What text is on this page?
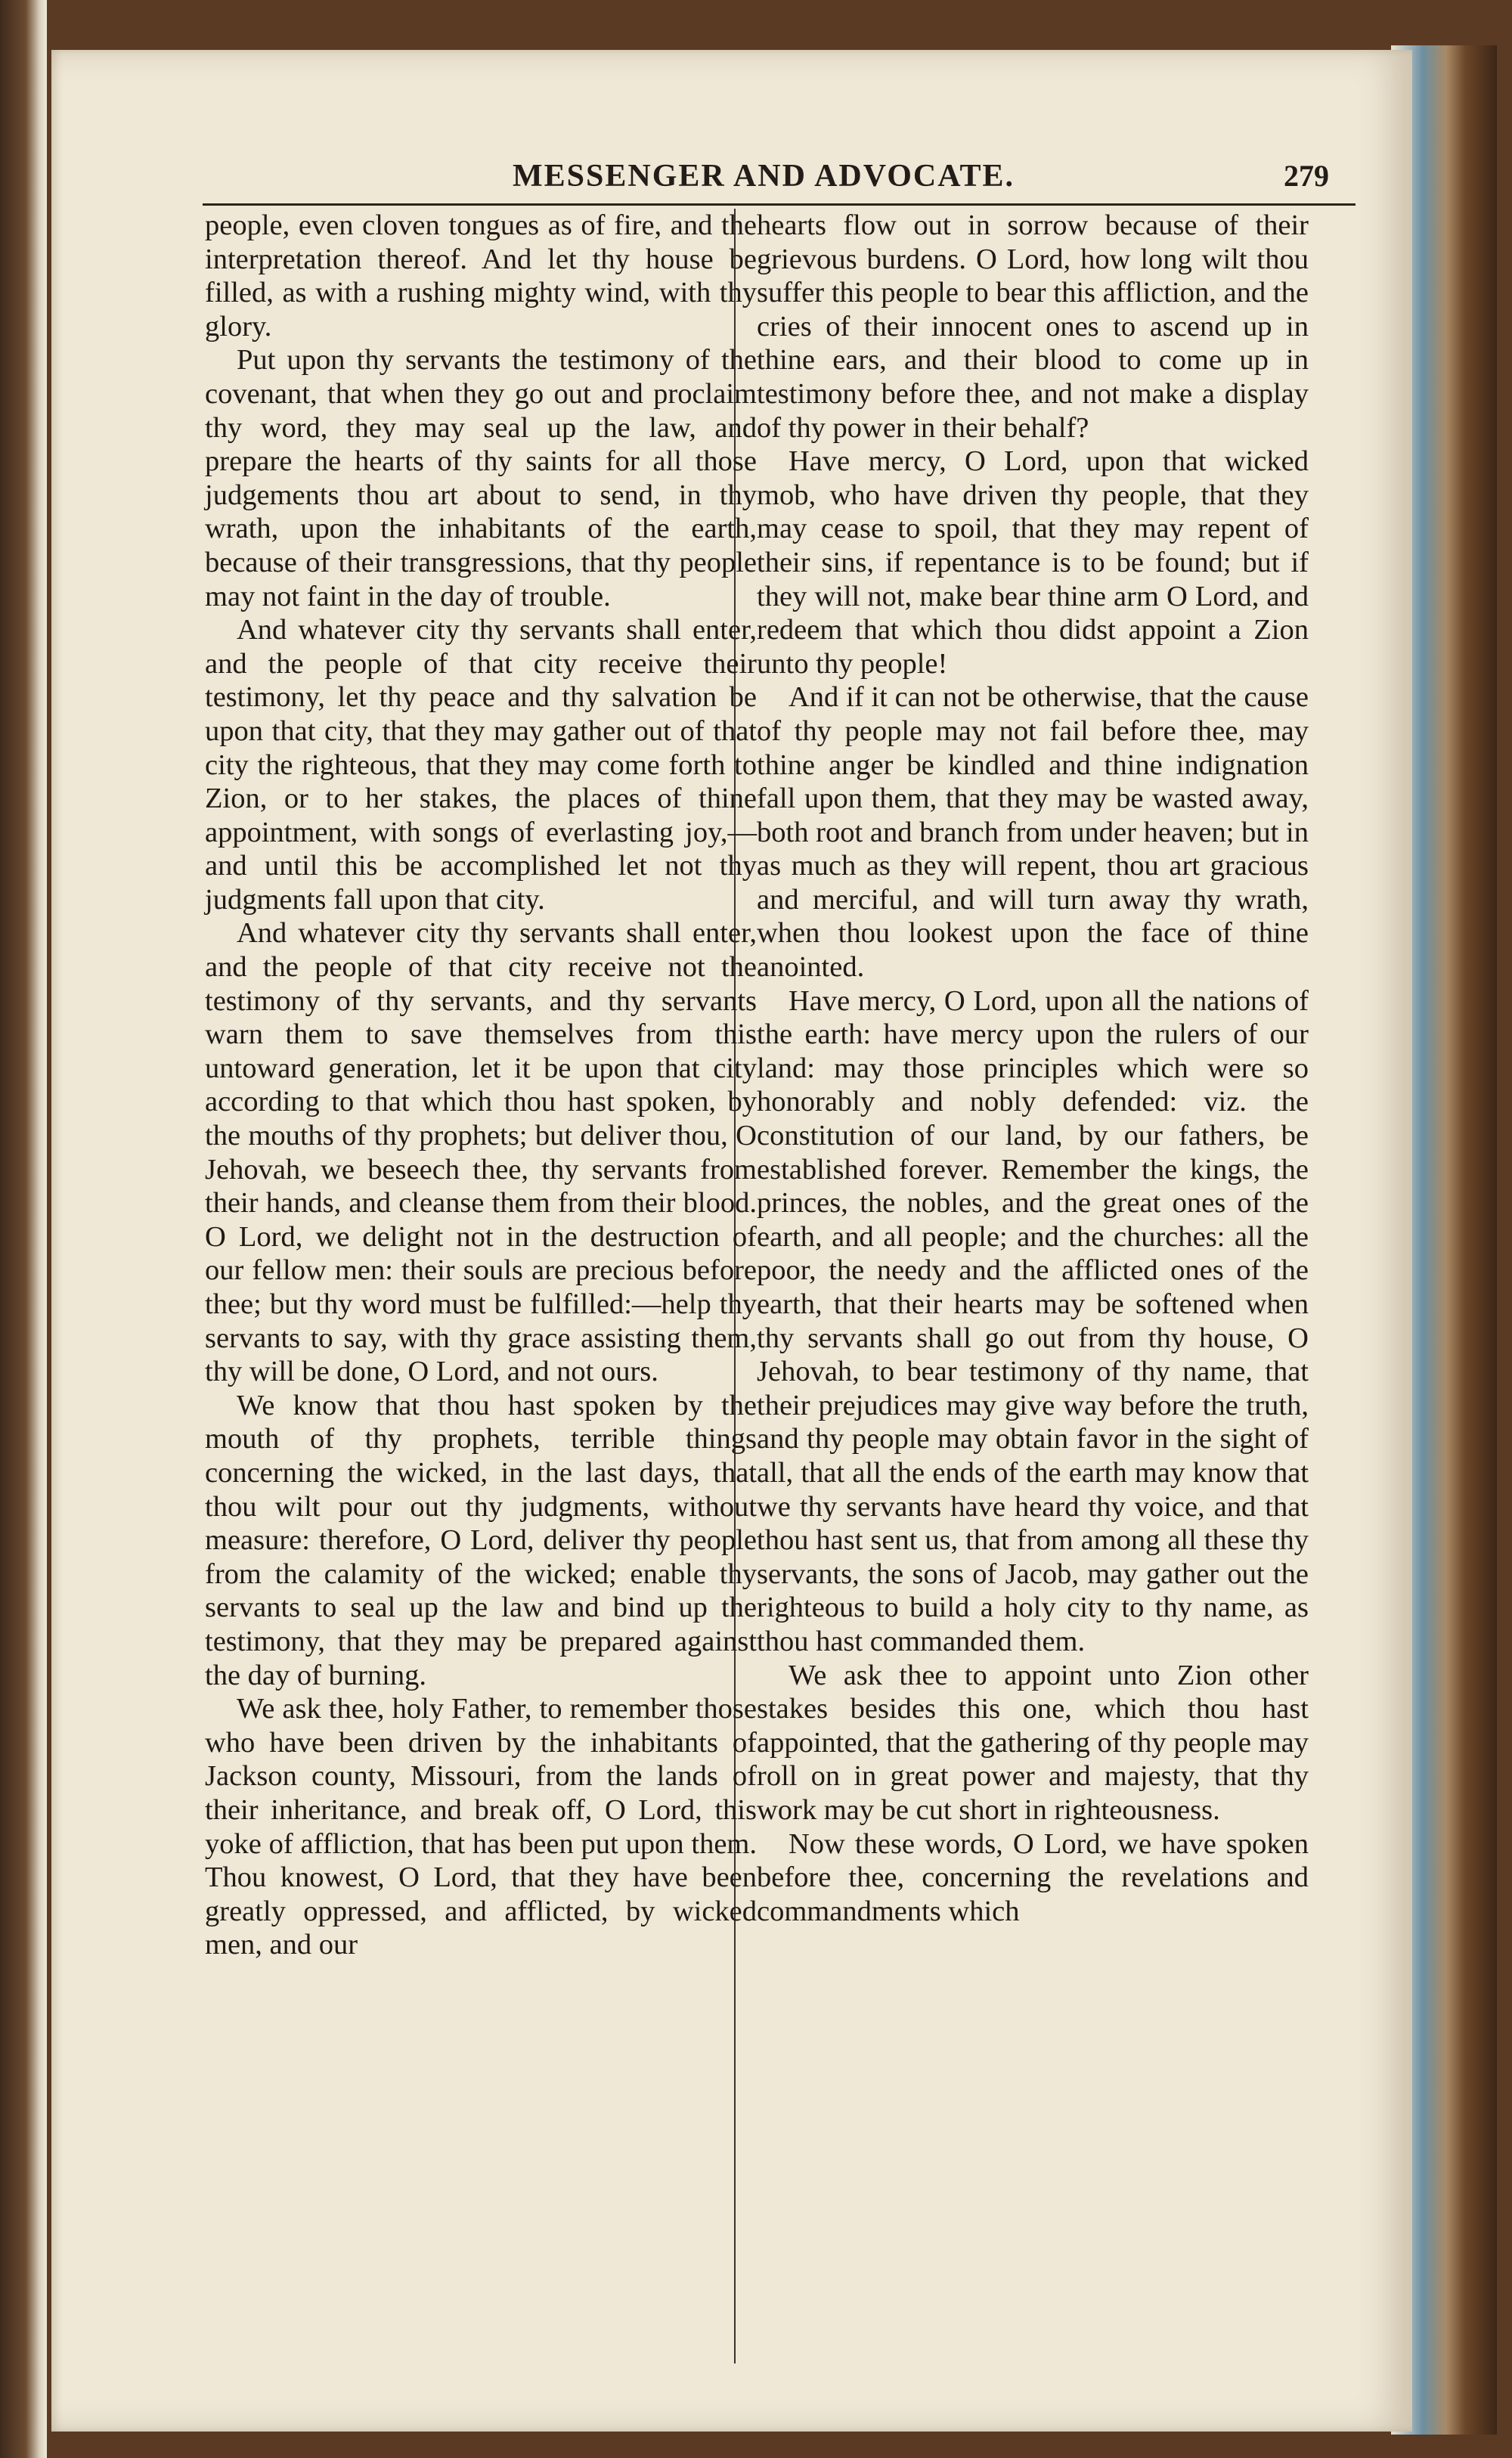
MESSENGER AND ADVOCATE.	279

people, even cloven tongues as of fire, and the interpretation thereof. And let thy house be filled, as with a rushing mighty wind, with thy glory.

Put upon thy servants the testimony of the covenant, that when they go out and proclaim thy word, they may seal up the law, and prepare the hearts of thy saints for all those judgements thou art about to send, in thy wrath, upon the inhabitants of the earth, because of their transgressions, that thy people may not faint in the day of trouble.

And whatever city thy servants shall enter, and the people of that city receive their testimony, let thy peace and thy salvation be upon that city, that they may gather out of that city the righteous, that they may come forth to Zion, or to her stakes, the places of thine appointment, with songs of everlasting joy,—and until this be accomplished let not thy judgments fall upon that city.

And whatever city thy servants shall enter, and the people of that city receive not the testimony of thy servants, and thy servants warn them to save themselves from this untoward generation, let it be upon that city according to that which thou hast spoken, by the mouths of thy prophets; but deliver thou, O Jehovah, we beseech thee, thy servants from their hands, and cleanse them from their blood. O Lord, we delight not in the destruction of our fellow men: their souls are precious before thee; but thy word must be fulfilled:—help thy servants to say, with thy grace assisting them, thy will be done, O Lord, and not ours.

We know that thou hast spoken by the mouth of thy prophets, terrible things concerning the wicked, in the last days, that thou wilt pour out thy judgments, without measure: therefore, O Lord, deliver thy people from the calamity of the wicked; enable thy servants to seal up the law and bind up the testimony, that they may be prepared against the day of burning.

We ask thee, holy Father, to remember those who have been driven by the inhabitants of Jackson county, Missouri, from the lands of their inheritance, and break off, O Lord, this yoke of affliction, that has been put upon them. Thou knowest, O Lord, that they have been greatly oppressed, and afflicted, by wicked men, and our

hearts flow out in sorrow because of their grievous burdens. O Lord, how long wilt thou suffer this people to bear this affliction, and the cries of their innocent ones to ascend up in thine ears, and their blood to come up in testimony before thee, and not make a display of thy power in their behalf?

Have mercy, O Lord, upon that wicked mob, who have driven thy people, that they may cease to spoil, that they may repent of their sins, if repentance is to be found; but if they will not, make bear thine arm O Lord, and redeem that which thou didst appoint a Zion unto thy people!

And if it can not be otherwise, that the cause of thy people may not fail before thee, may thine anger be kindled and thine indignation fall upon them, that they may be wasted away, both root and branch from under heaven; but in as much as they will repent, thou art gracious and merciful, and will turn away thy wrath, when thou lookest upon the face of thine anointed.

Have mercy, O Lord, upon all the nations of the earth: have mercy upon the rulers of our land: may those principles which were so honorably and nobly defended: viz. the constitution of our land, by our fathers, be established forever. Remember the kings, the princes, the nobles, and the great ones of the earth, and all people; and the churches: all the poor, the needy and the afflicted ones of the earth, that their hearts may be softened when thy servants shall go out from thy house, O Jehovah, to bear testimony of thy name, that their prejudices may give way before the truth, and thy people may obtain favor in the sight of all, that all the ends of the earth may know that we thy servants have heard thy voice, and that thou hast sent us, that from among all these thy servants, the sons of Jacob, may gather out the righteous to build a holy city to thy name, as thou hast commanded them.

We ask thee to appoint unto Zion other stakes besides this one, which thou hast appointed, that the gathering of thy people may roll on in great power and majesty, that thy work may be cut short in righteousness.

Now these words, O Lord, we have spoken before thee, concerning the revelations and commandments which
